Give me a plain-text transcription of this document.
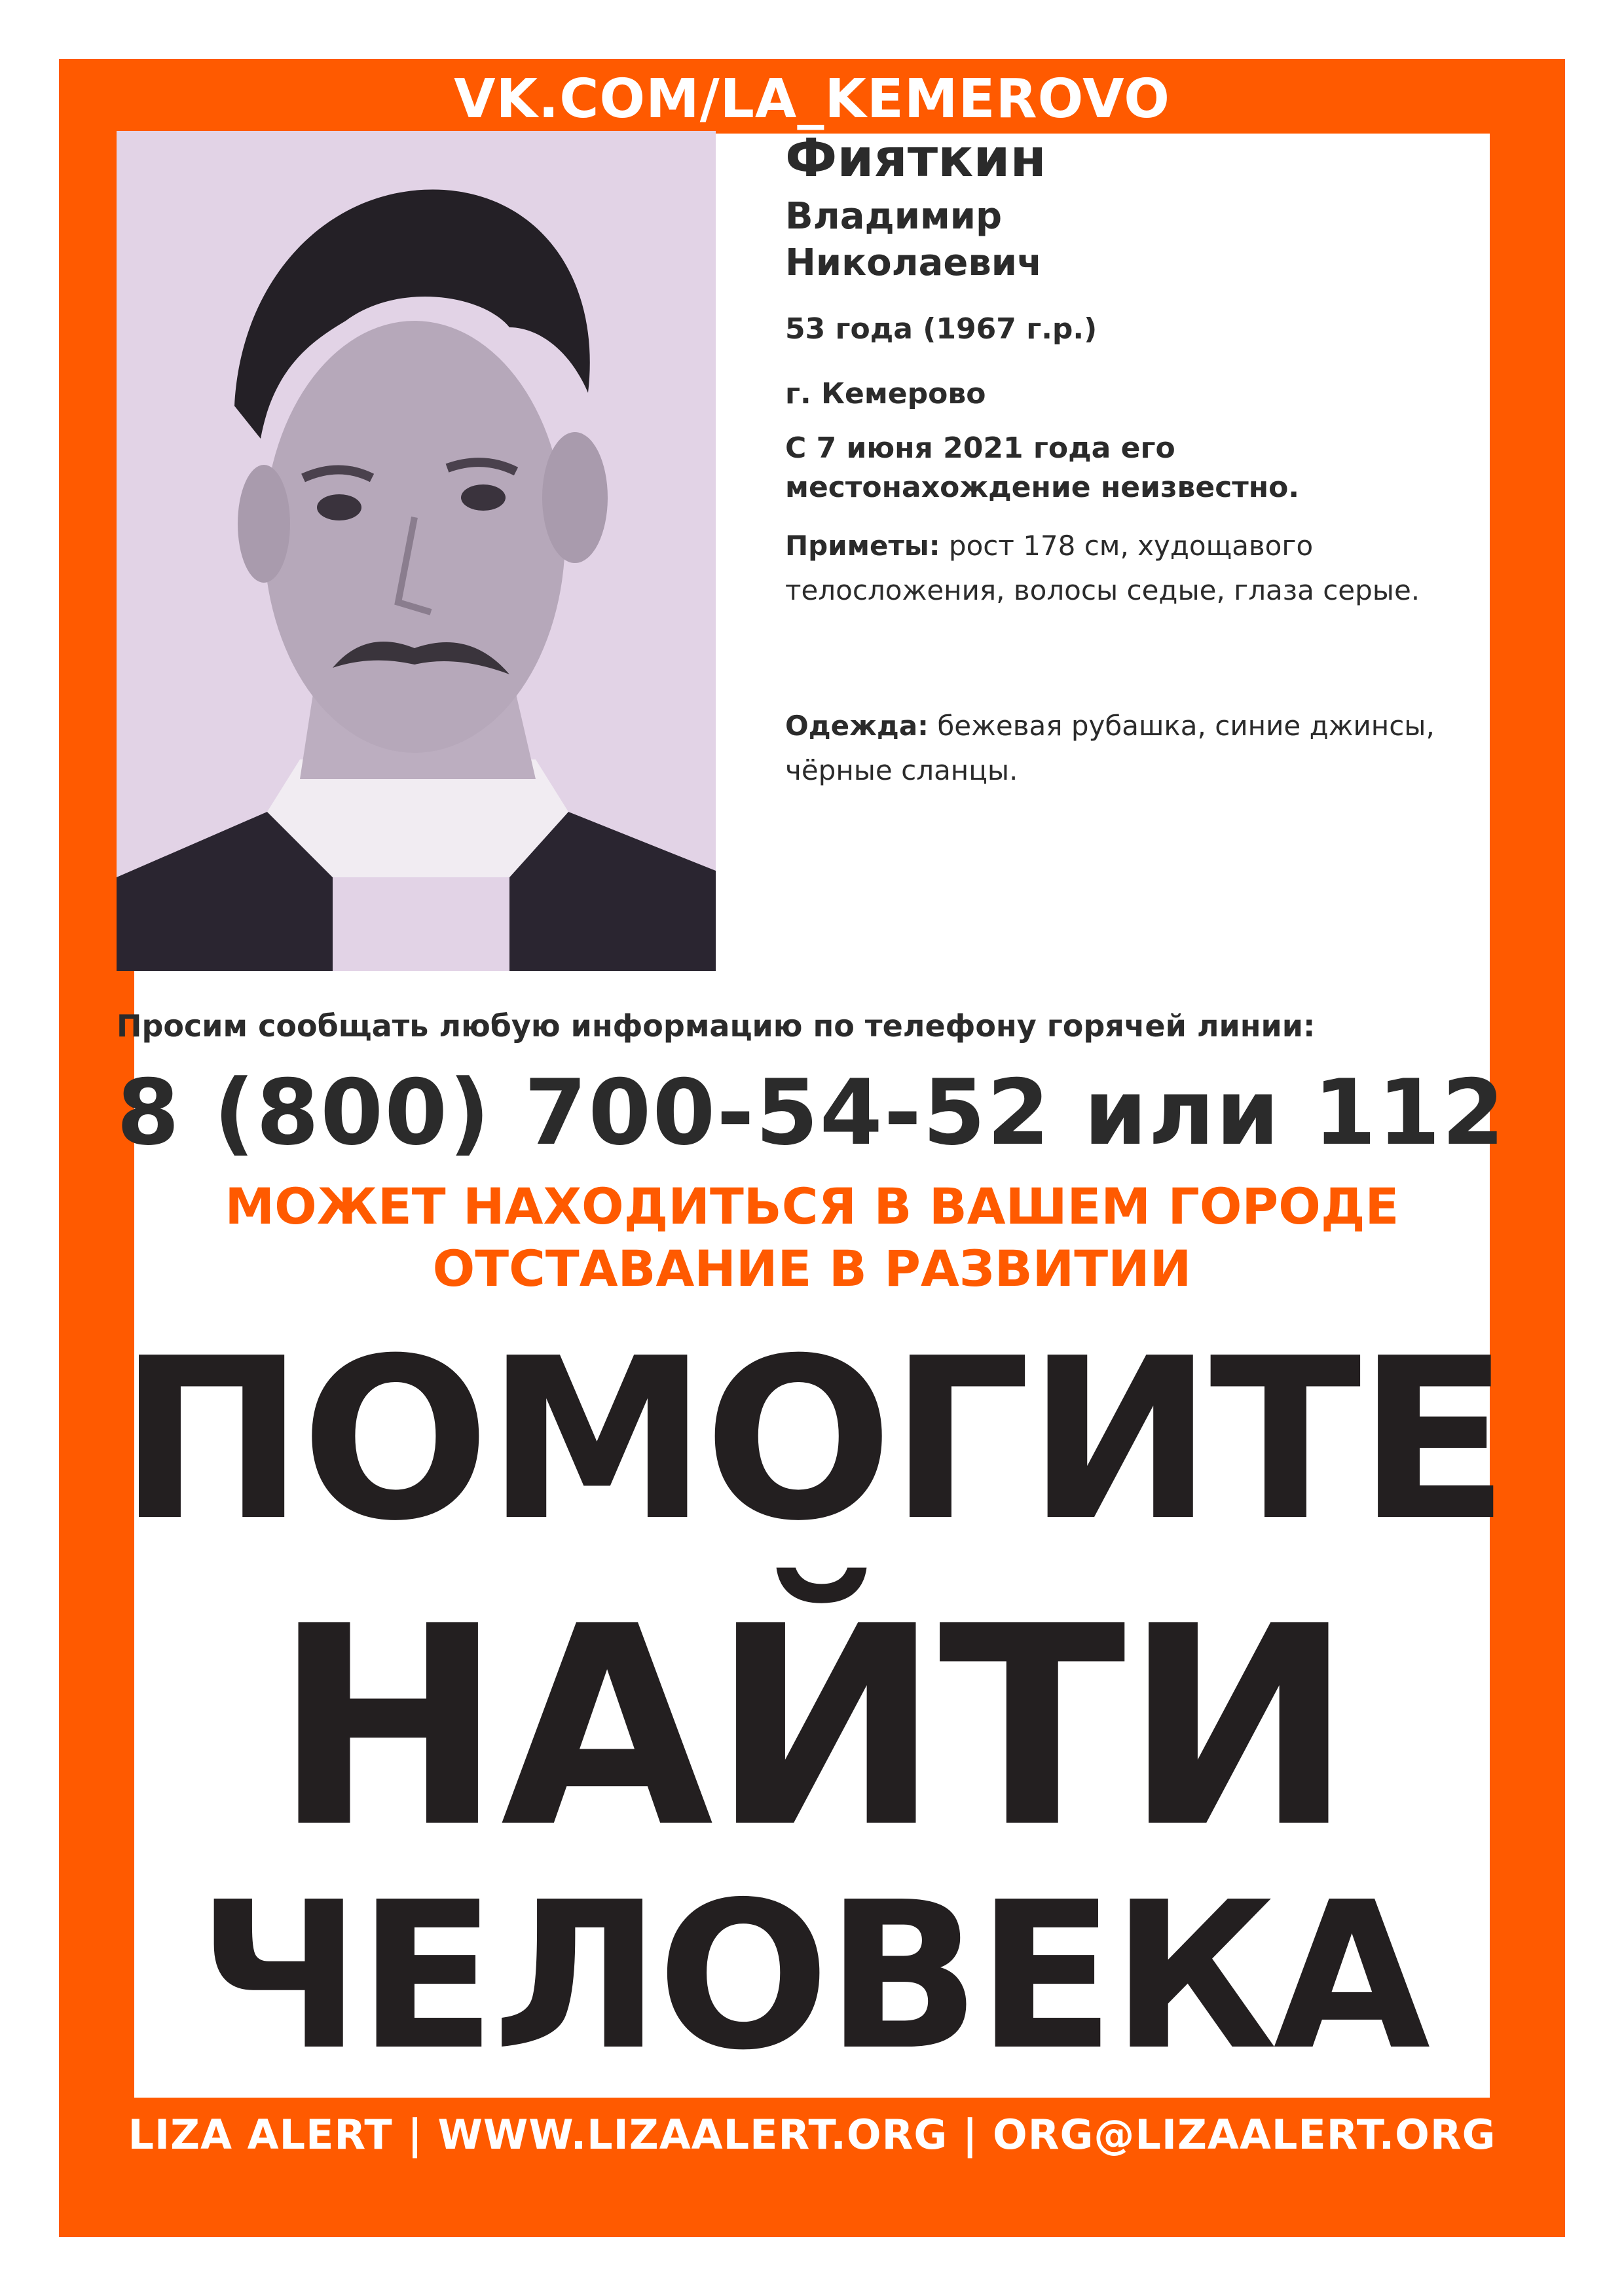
VK.COM/LA_KEMEROVO
LIZA ALERT | WWW.LIZAALERT.ORG | ORG@LIZAALERT.ORG
Фияткин
Владимир
Николаевич
53 года (1967 г.р.)
г. Кемерово
С 7 июня 2021 года его
местонахождение неизвестно.
Приметы: рост 178 см, худощавого телосложения, волосы седые, глаза серые.
Одежда: бежевая рубашка, синие джинсы, чёрные сланцы.
Просим сообщать любую информацию по телефону горячей линии:
8 (800) 700-54-52 или 112
МОЖЕТ НАХОДИТЬСЯ В ВАШЕМ ГОРОДЕ
ОТСТАВАНИЕ В РАЗВИТИИ
ПОМОГИТЕ
НАЙТИ
ЧЕЛОВЕКА
